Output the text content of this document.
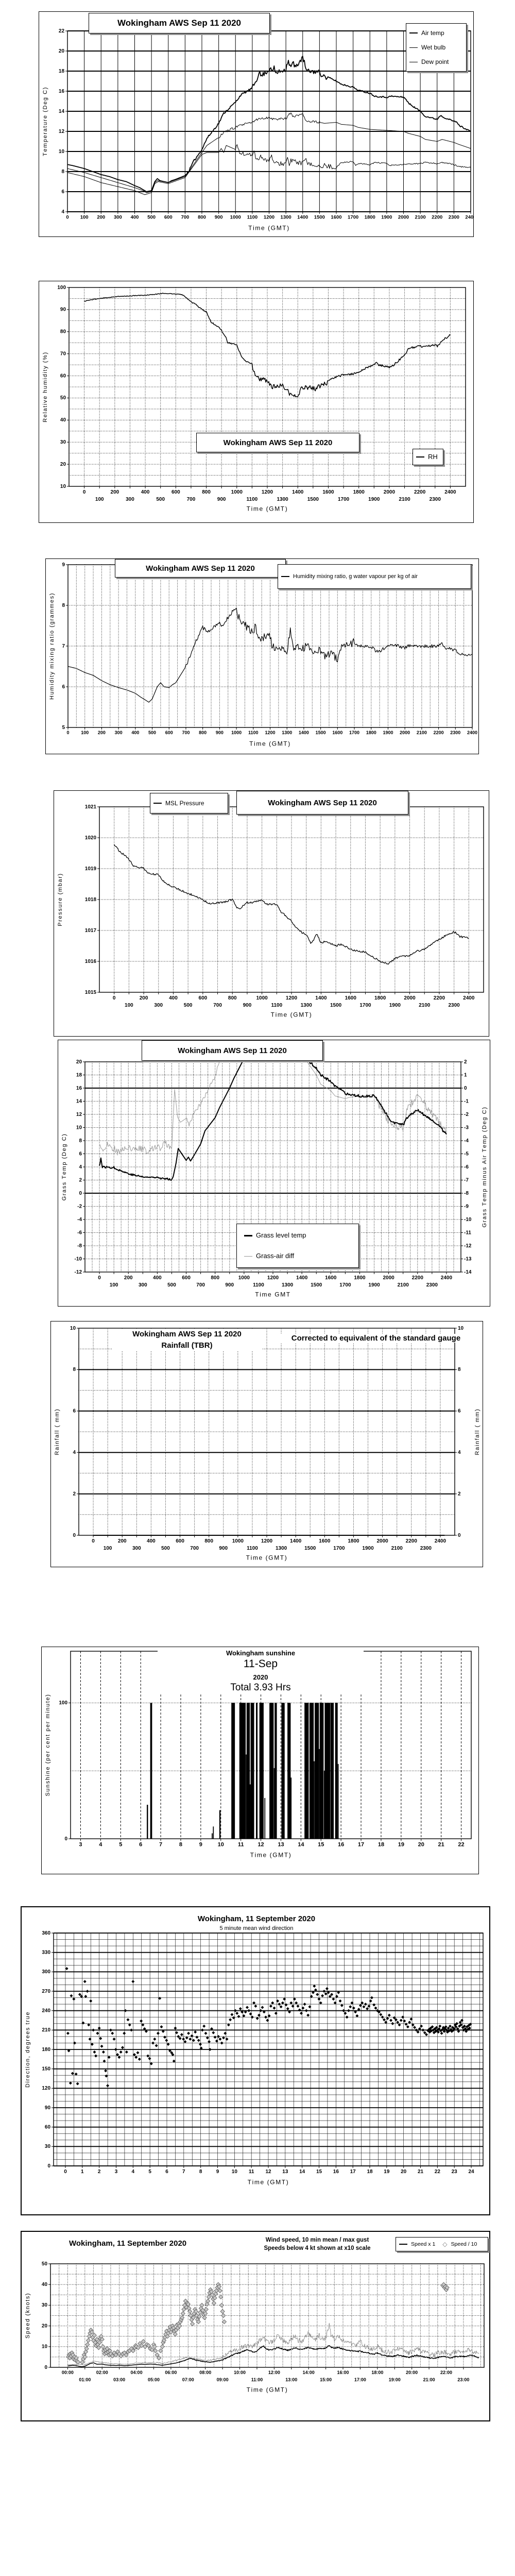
Wokingham AWS Sep 11 2020
Air temp
Wet bulb
Dew point
Wokingham AWS Sep 11 2020
RH
Wokingham AWS Sep 11 2020
Humidity mixing ratio, g water vapour per kg of air
MSL Pressure	Wokingham AWS Sep 11 2020
Wokingham AWS Sep 11 2020
Grass level temp
Grass-air diff
Wokingham AWS Sep 11 2020
Rainfall (TBR)
Corrected to equivalent of the standard gauge
Wokingham sunshine
11-Sep
2020
Total 3.93 Hrs
Wokingham, 11 September 2020
5 minute mean wind direction
Wokingham, 11 September 2020	Wind speed, 10 min mean / max gust
Speeds below 4 kt shown at x10 scale
Speed x 1 ◇ Speed / 10
